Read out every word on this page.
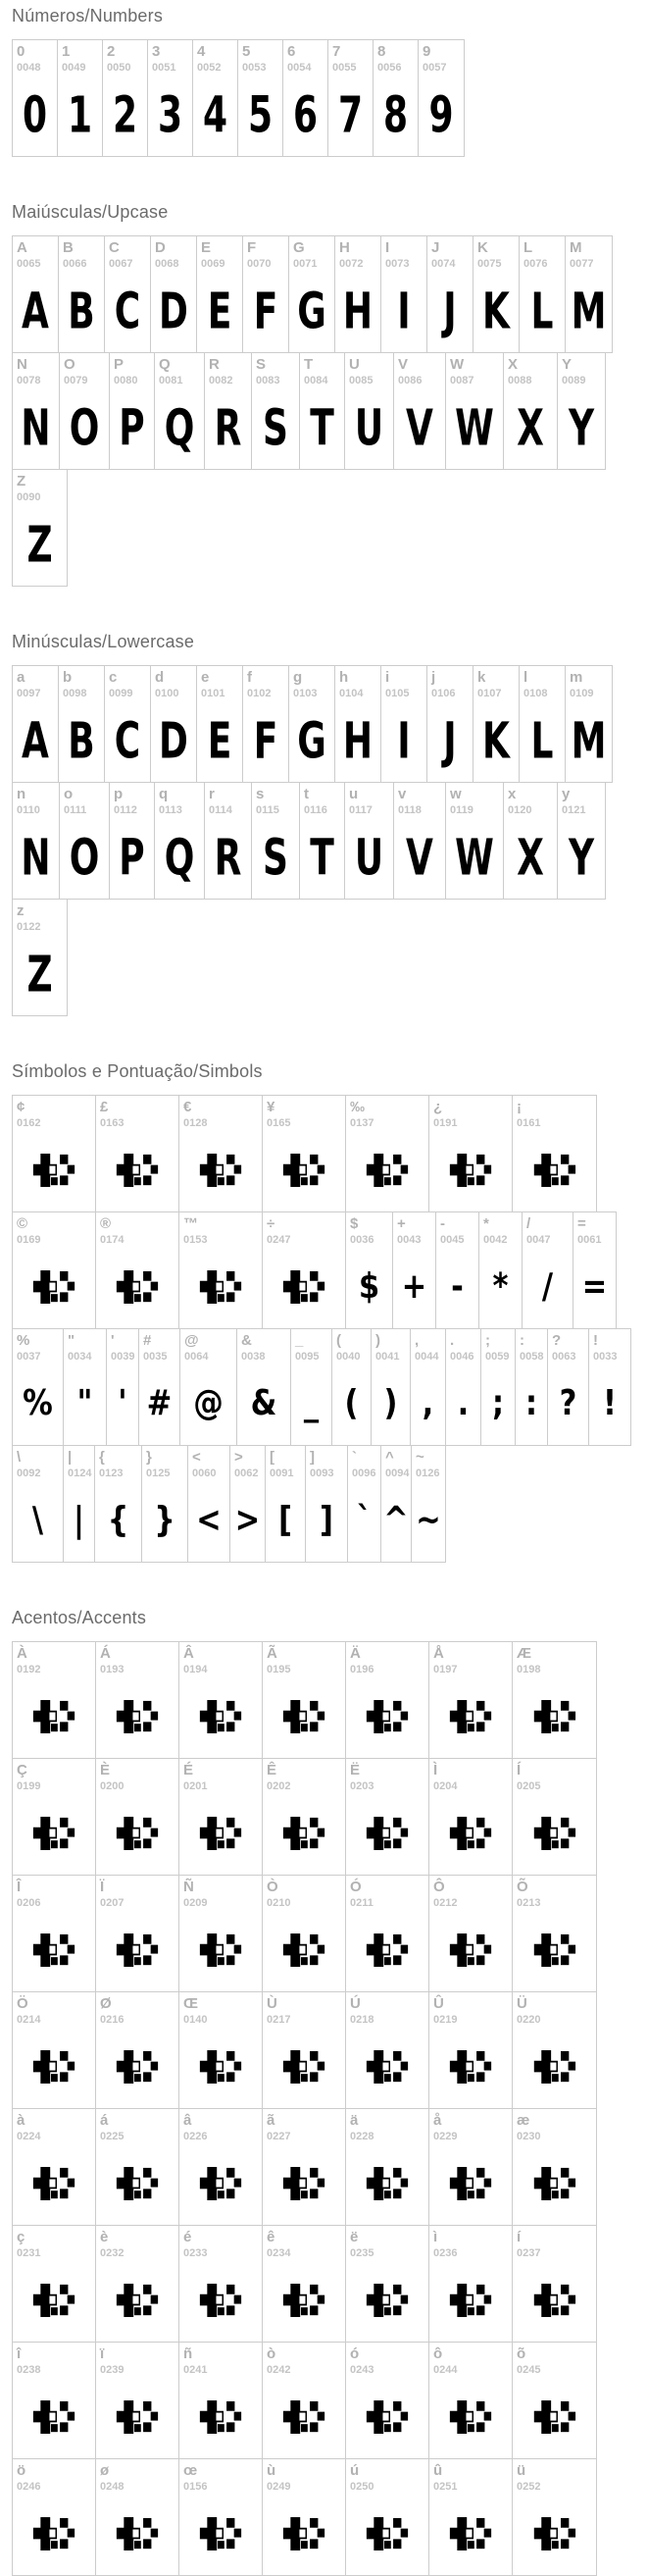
Números/Numbers
0
0048
0
1
0049
1
2
0050
2
3
0051
3
4
0052
4
5
0053
5
6
0054
6
7
0055
7
8
0056
8
9
0057
9
Maiúsculas/Upcase
A
0065
A
B
0066
B
C
0067
C
D
0068
D
E
0069
E
F
0070
F
G
0071
G
H
0072
H
I
0073
I
J
0074
J
K
0075
K
L
0076
L
M
0077
M
N
0078
N
O
0079
O
P
0080
P
Q
0081
Q
R
0082
R
S
0083
S
T
0084
T
U
0085
U
V
0086
V
W
0087
W
X
0088
X
Y
0089
Y
Z
0090
Z
Minúsculas/Lowercase
a
0097
A
b
0098
B
c
0099
C
d
0100
D
e
0101
E
f
0102
F
g
0103
G
h
0104
H
i
0105
I
j
0106
J
k
0107
K
l
0108
L
m
0109
M
n
0110
N
o
0111
O
p
0112
P
q
0113
Q
r
0114
R
s
0115
S
t
0116
T
u
0117
U
v
0118
V
w
0119
W
x
0120
X
y
0121
Y
z
0122
Z
Símbolos e Pontuação/Simbols
¢
0162
£
0163
€
0128
¥
0165
‰
0137
¿
0191
¡
0161
©
0169
®
0174
™
0153
÷
0247
$
0036
$
+
0043
+
-
0045
-
*
0042
*
/
0047
/
=
0061
=
%
0037
%
"
0034
"
'
0039
'
#
0035
#
@
0064
@
&
0038
&
_
0095
_
(
0040
(
)
0041
)
,
0044
,
.
0046
.
;
0059
;
:
0058
:
?
0063
?
!
0033
!
\
0092
\
|
0124
|
{
0123
{
}
0125
}
<
0060
<
>
0062
>
[
0091
[
]
0093
]
`
0096
`
^
0094
^
~
0126
~
Acentos/Accents
À
0192
Á
0193
Â
0194
Ã
0195
Ä
0196
Å
0197
Æ
0198
Ç
0199
È
0200
É
0201
Ê
0202
Ë
0203
Ì
0204
Í
0205
Î
0206
Ï
0207
Ñ
0209
Ò
0210
Ó
0211
Ô
0212
Õ
0213
Ö
0214
Ø
0216
Œ
0140
Ù
0217
Ú
0218
Û
0219
Ü
0220
à
0224
á
0225
â
0226
ã
0227
ä
0228
å
0229
æ
0230
ç
0231
è
0232
é
0233
ê
0234
ë
0235
ì
0236
í
0237
î
0238
ï
0239
ñ
0241
ò
0242
ó
0243
ô
0244
õ
0245
ö
0246
ø
0248
œ
0156
ù
0249
ú
0250
û
0251
ü
0252
